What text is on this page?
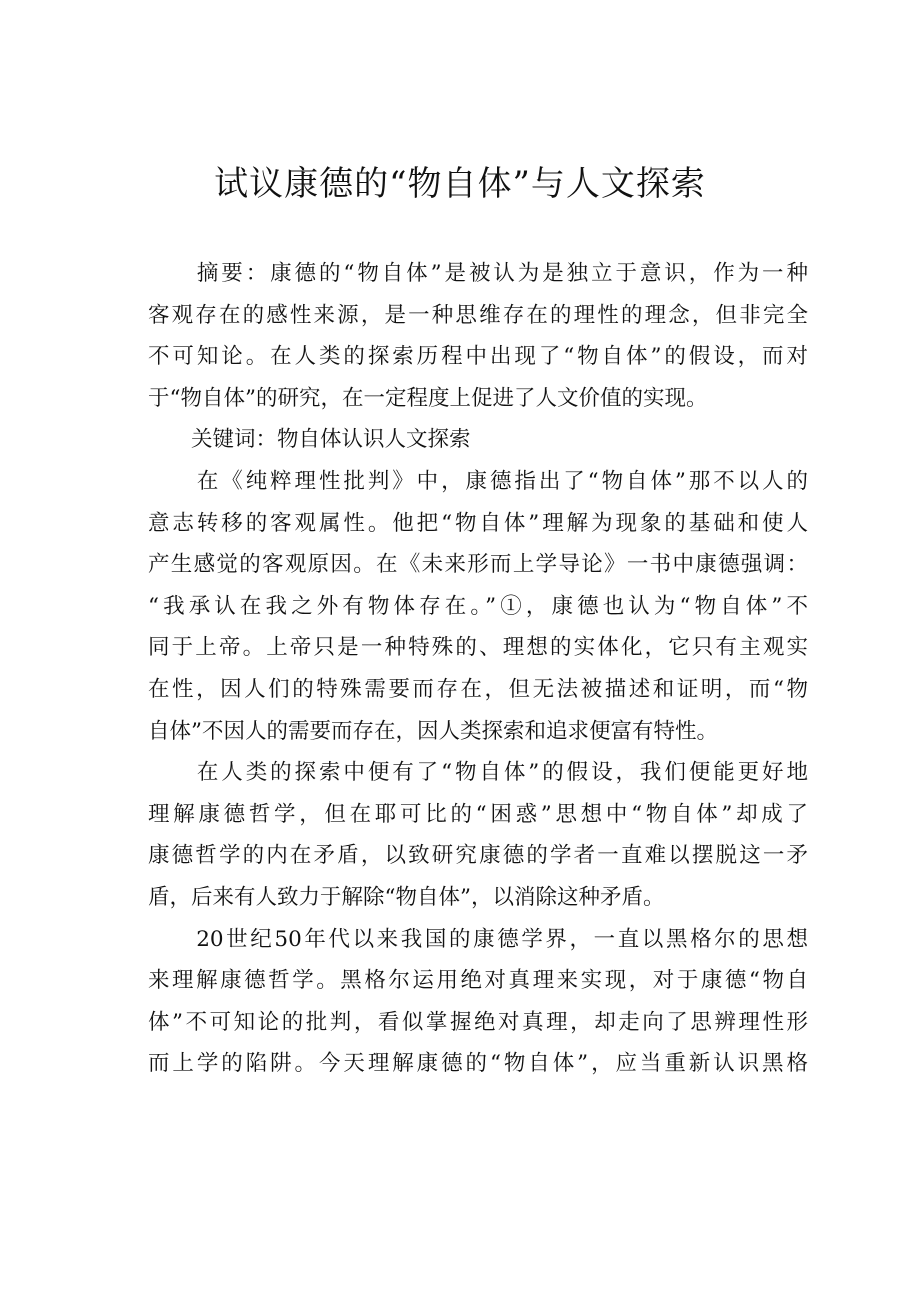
试议康德的“物自体”与人文探索
　　摘要：康德的“物自体”是被认为是独立于意识，作为一种
客观存在的感性来源，是一种思维存在的理性的理念，但非完全
不可知论。在人类的探索历程中出现了“物自体”的假设，而对
于“物自体”的研究，在一定程度上促进了人文价值的实现。
　　关键词：物自体认识人文探索
　　在《纯粹理性批判》中，康德指出了“物自体”那不以人的
意志转移的客观属性。他把“物自体”理解为现象的基础和使人
产生感觉的客观原因。在《未来形而上学导论》一书中康德强调：
“我承认在我之外有物体存在。”①，康德也认为“物自体”不
同于上帝。上帝只是一种特殊的、理想的实体化，它只有主观实
在性，因人们的特殊需要而存在，但无法被描述和证明，而“物
自体”不因人的需要而存在，因人类探索和追求便富有特性。
　　在人类的探索中便有了“物自体”的假设，我们便能更好地
理解康德哲学，但在耶可比的“困惑”思想中“物自体”却成了
康德哲学的内在矛盾，以致研究康德的学者一直难以摆脱这一矛
盾，后来有人致力于解除“物自体”，以消除这种矛盾。
　　20世纪50年代以来我国的康德学界，一直以黑格尔的思想
来理解康德哲学。黑格尔运用绝对真理来实现，对于康德“物自
体”不可知论的批判，看似掌握绝对真理，却走向了思辨理性形
而上学的陷阱。今天理解康德的“物自体”，应当重新认识黑格
